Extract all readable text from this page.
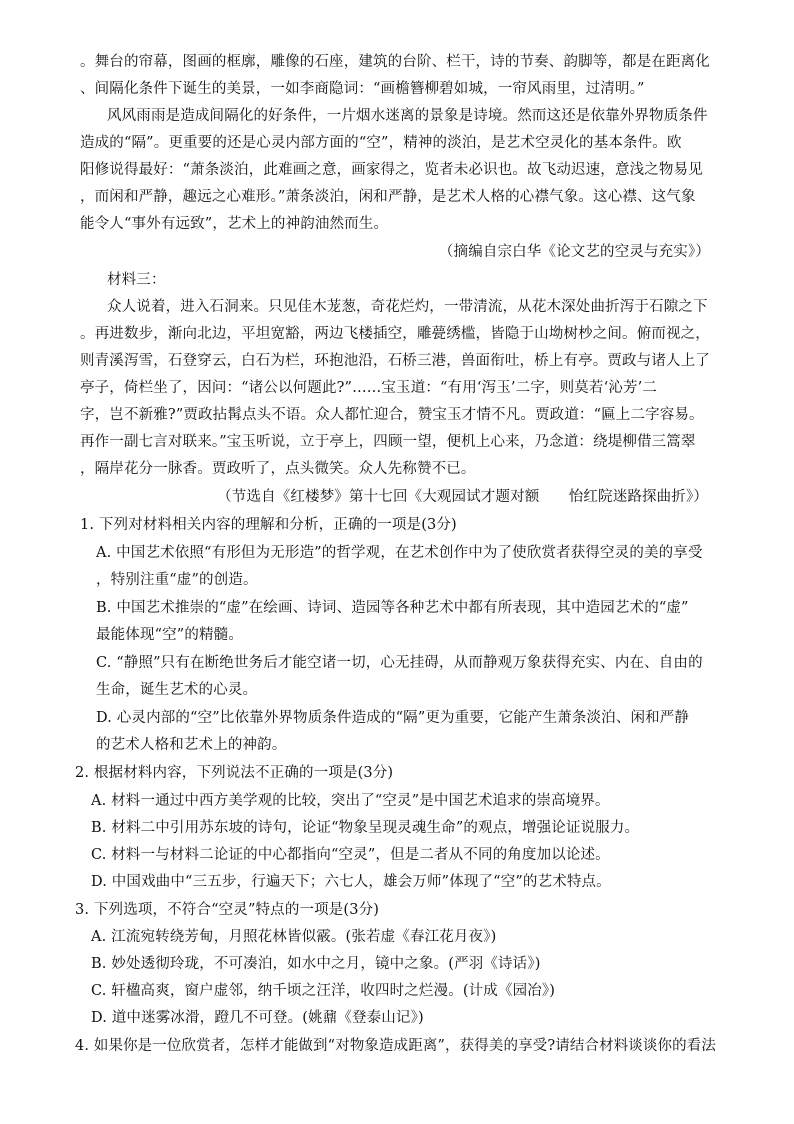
。舞台的帘幕，图画的框廓，雕像的石座，建筑的台阶、栏干，诗的节奏、韵脚等，都是在距离化
、间隔化条件下诞生的美景，一如李商隐词：“画檐簪柳碧如城，一帘风雨里，过清明。”
风风雨雨是造成间隔化的好条件，一片烟水迷离的景象是诗境。然而这还是依靠外界物质条件
造成的“隔”。更重要的还是心灵内部方面的“空”，精神的淡泊，是艺术空灵化的基本条件。欧
阳修说得最好：“萧条淡泊，此难画之意，画家得之，览者未必识也。故飞动迟速，意浅之物易见
，而闲和严静，趣远之心难形。”萧条淡泊，闲和严静，是艺术人格的心襟气象。这心襟、这气象
能令人“事外有远致”，艺术上的神韵油然而生。
（摘编自宗白华《论文艺的空灵与充实》）
材料三：
众人说着，进入石洞来。只见佳木茏葱，奇花烂灼，一带清流，从花木深处曲折泻于石隙之下
。再进数步，渐向北边，平坦宽豁，两边飞楼插空，雕甍绣槛，皆隐于山坳树杪之间。俯而视之，
则青溪泻雪，石登穿云，白石为栏，环抱池沿，石桥三港，兽面衔吐，桥上有亭。贾政与诸人上了
亭子，倚栏坐了，因问：“诸公以何题此?”……宝玉道：“有用‘泻玉’二字，则莫若‘沁芳’二
字，岂不新雅?”贾政拈髯点头不语。众人都忙迎合，赞宝玉才情不凡。贾政道：“匾上二字容易。
再作一副七言对联来。”宝玉听说，立于亭上，四顾一望，便机上心来，乃念道：绕堤柳借三篙翠
，隔岸花分一脉香。贾政听了，点头微笑。众人先称赞不已。
（节选自《红楼梦》第十七回《大观园试才题对额　　怡红院迷路探曲折》）
1. 下列对材料相关内容的理解和分析，正确的一项是(3分)
A. 中国艺术依照“有形但为无形造”的哲学观，在艺术创作中为了使欣赏者获得空灵的美的享受
，特别注重“虚”的创造。
B. 中国艺术推崇的“虚”在绘画、诗词、造园等各种艺术中都有所表现，其中造园艺术的“虚”
最能体现“空”的精髓。
C. “静照”只有在断绝世务后才能空诸一切，心无挂碍，从而静观万象获得充实、内在、自由的
生命，诞生艺术的心灵。
D. 心灵内部的“空”比依靠外界物质条件造成的“隔”更为重要，它能产生萧条淡泊、闲和严静
的艺术人格和艺术上的神韵。
2. 根据材料内容，下列说法不正确的一项是(3分)
A. 材料一通过中西方美学观的比较，突出了“空灵”是中国艺术追求的崇高境界。
B. 材料二中引用苏东坡的诗句，论证“物象呈现灵魂生命”的观点，增强论证说服力。
C. 材料一与材料二论证的中心都指向“空灵”，但是二者从不同的角度加以论述。
D. 中国戏曲中“三五步，行遍天下；六七人，雄会万师”体现了“空”的艺术特点。
3. 下列选项，不符合“空灵”特点的一项是(3分)
A. 江流宛转绕芳甸，月照花林皆似霰。(张若虚《春江花月夜》)
B. 妙处透彻玲珑，不可凑泊，如水中之月，镜中之象。(严羽《诗话》)
C. 轩楹高爽，窗户虚邻，纳千顷之汪洋，收四时之烂漫。(计成《园冶》)
D. 道中迷雾冰滑，蹬几不可登。(姚鼐《登泰山记》)
4. 如果你是一位欣赏者，怎样才能做到“对物象造成距离”，获得美的享受?请结合材料谈谈你的看法
